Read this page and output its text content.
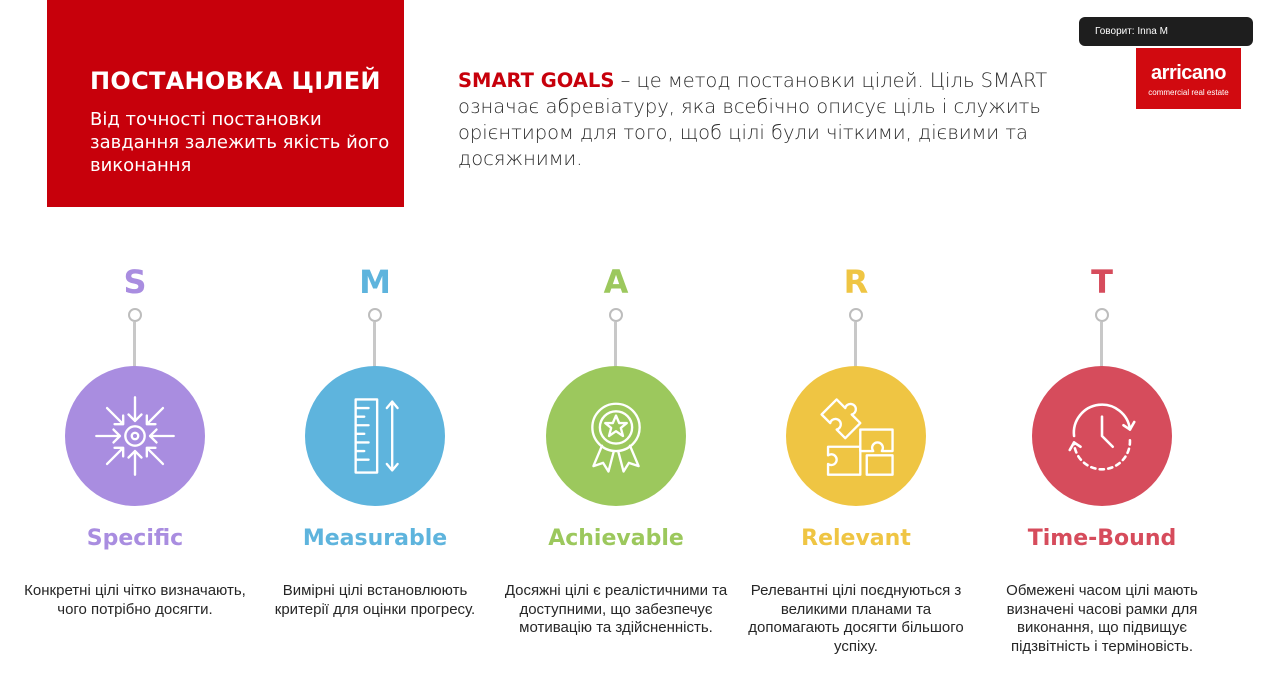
ПОСТАНОВКА ЦІЛЕЙ
Від точності постановки завдання залежить якість його виконання
SMART GOALS – це метод постановки цілей. Ціль SMART означає абревіатуру, яка всебічно описує ціль і служить орієнтиром для того, щоб цілі були чіткими, дієвими та досяжними.
Говорит: Inna M
arricano
commercial real estate
S
Specific
Конкретні цілі чітко визначають, чого потрібно досягти.
M
Measurable
Вимірні цілі встановлюють критерії для оцінки прогресу.
A
Achievable
Досяжні цілі є реалістичними та доступними, що забезпечує мотивацію та здійсненність.
R
Relevant
Релевантні цілі поєднуються з великими планами та допомагають досягти більшого успіху.
T
Time-Bound
Обмежені часом цілі мають визначені часові рамки для виконання, що підвищує підзвітність і терміновість.
